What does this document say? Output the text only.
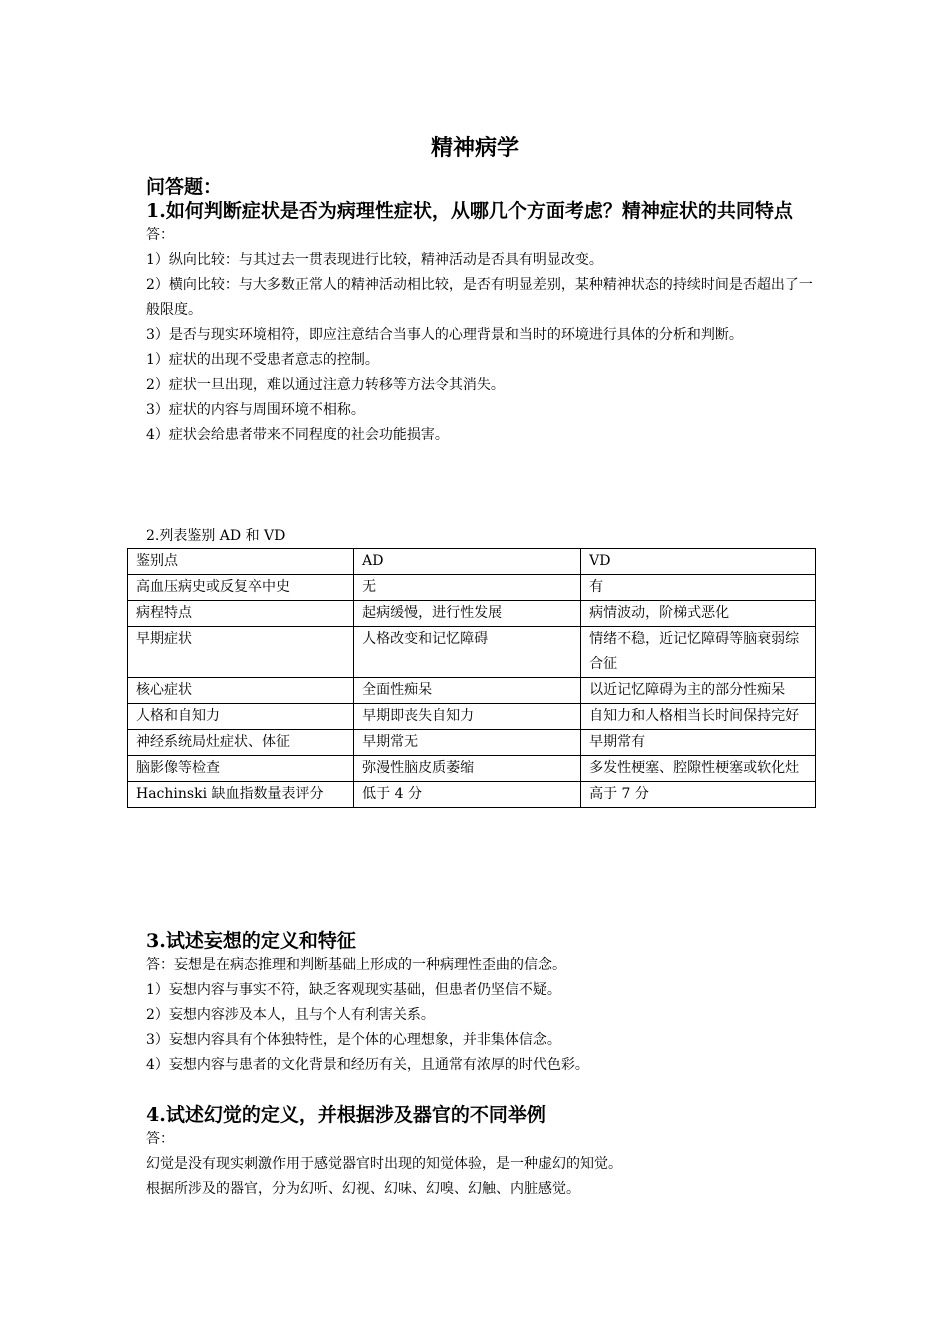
精神病学

问答题：

1.如何判断症状是否为病理性症状，从哪几个方面考虑？精神症状的共同特点

答：

1）纵向比较：与其过去一贯表现进行比较，精神活动是否具有明显改变。

2）横向比较：与大多数正常人的精神活动相比较，是否有明显差别，某种精神状态的持续时间是否超出了一般限度。

3）是否与现实环境相符，即应注意结合当事人的心理背景和当时的环境进行具体的分析和判断。

1）症状的出现不受患者意志的控制。

2）症状一旦出现，难以通过注意力转移等方法令其消失。

3）症状的内容与周围环境不相称。

4）症状会给患者带来不同程度的社会功能损害。

2.列表鉴别 AD 和 VD
鉴别点	AD	VD
高血压病史或反复卒中史	无	有
病程特点	起病缓慢，进行性发展	病情波动，阶梯式恶化
早期症状	人格改变和记忆障碍	情绪不稳，近记忆障碍等脑衰弱综合征
核心症状	全面性痴呆	以近记忆障碍为主的部分性痴呆
人格和自知力	早期即丧失自知力	自知力和人格相当长时间保持完好
神经系统局灶症状、体征	早期常无	早期常有
脑影像等检查	弥漫性脑皮质萎缩	多发性梗塞、腔隙性梗塞或软化灶
Hachinski 缺血指数量表评分	低于 4 分	高于 7 分

3.试述妄想的定义和特征

答：妄想是在病态推理和判断基础上形成的一种病理性歪曲的信念。

1）妄想内容与事实不符，缺乏客观现实基础，但患者仍坚信不疑。

2）妄想内容涉及本人，且与个人有利害关系。

3）妄想内容具有个体独特性，是个体的心理想象，并非集体信念。

4）妄想内容与患者的文化背景和经历有关，且通常有浓厚的时代色彩。

4.试述幻觉的定义，并根据涉及器官的不同举例

答：

幻觉是没有现实刺激作用于感觉器官时出现的知觉体验，是一种虚幻的知觉。

根据所涉及的器官，分为幻听、幻视、幻味、幻嗅、幻触、内脏感觉。
